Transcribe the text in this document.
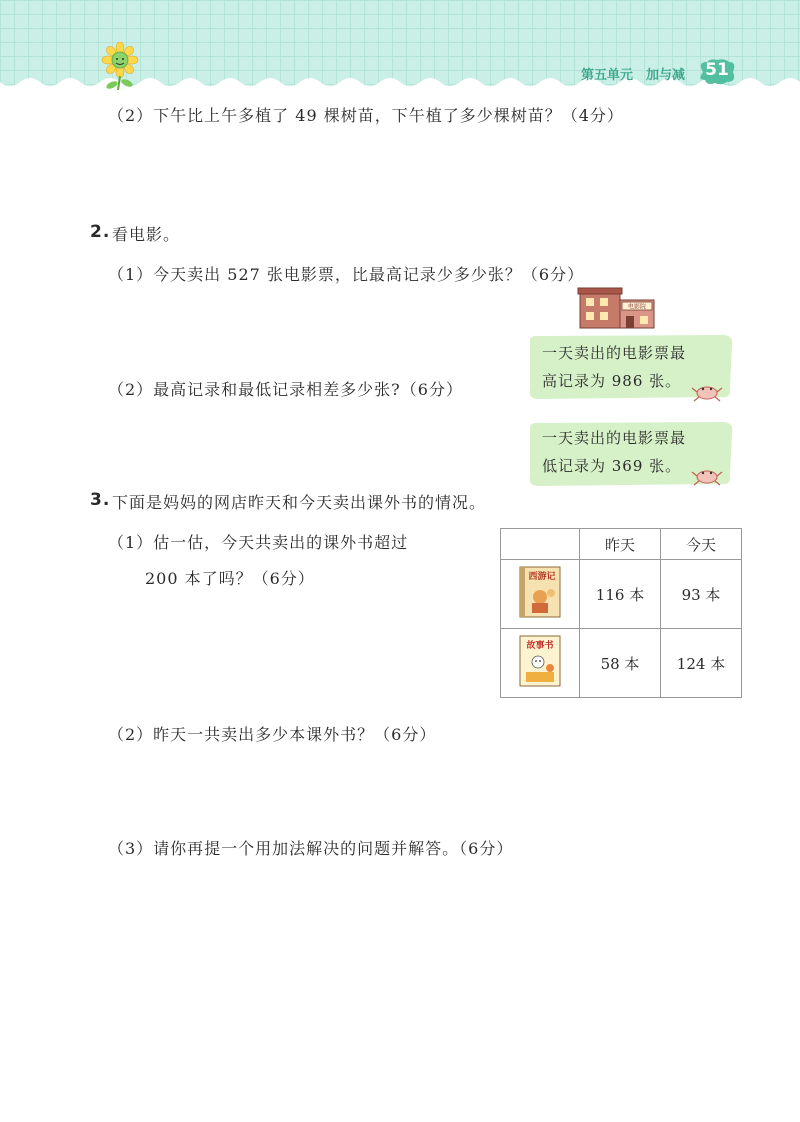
第五单元 加与减	51
（2）下午比上午多植了 49 棵树苗，下午植了多少棵树苗？（4分）
2. 看电影。
（1）今天卖出 527 张电影票，比最高记录少多少张？（6分）
电影院
一天卖出的电影票最
高记录为 986 张。
（2）最高记录和最低记录相差多少张?（6分）
一天卖出的电影票最
低记录为 369 张。
3. 下面是妈妈的网店昨天和今天卖出课外书的情况。
（1）估一估，今天共卖出的课外书超过
200 本了吗？（6分）
	昨天	今天

西游记	116 本	93 本

故事书	58 本	124 本
（2）昨天一共卖出多少本课外书？（6分）
（3）请你再提一个用加法解决的问题并解答。（6分）
